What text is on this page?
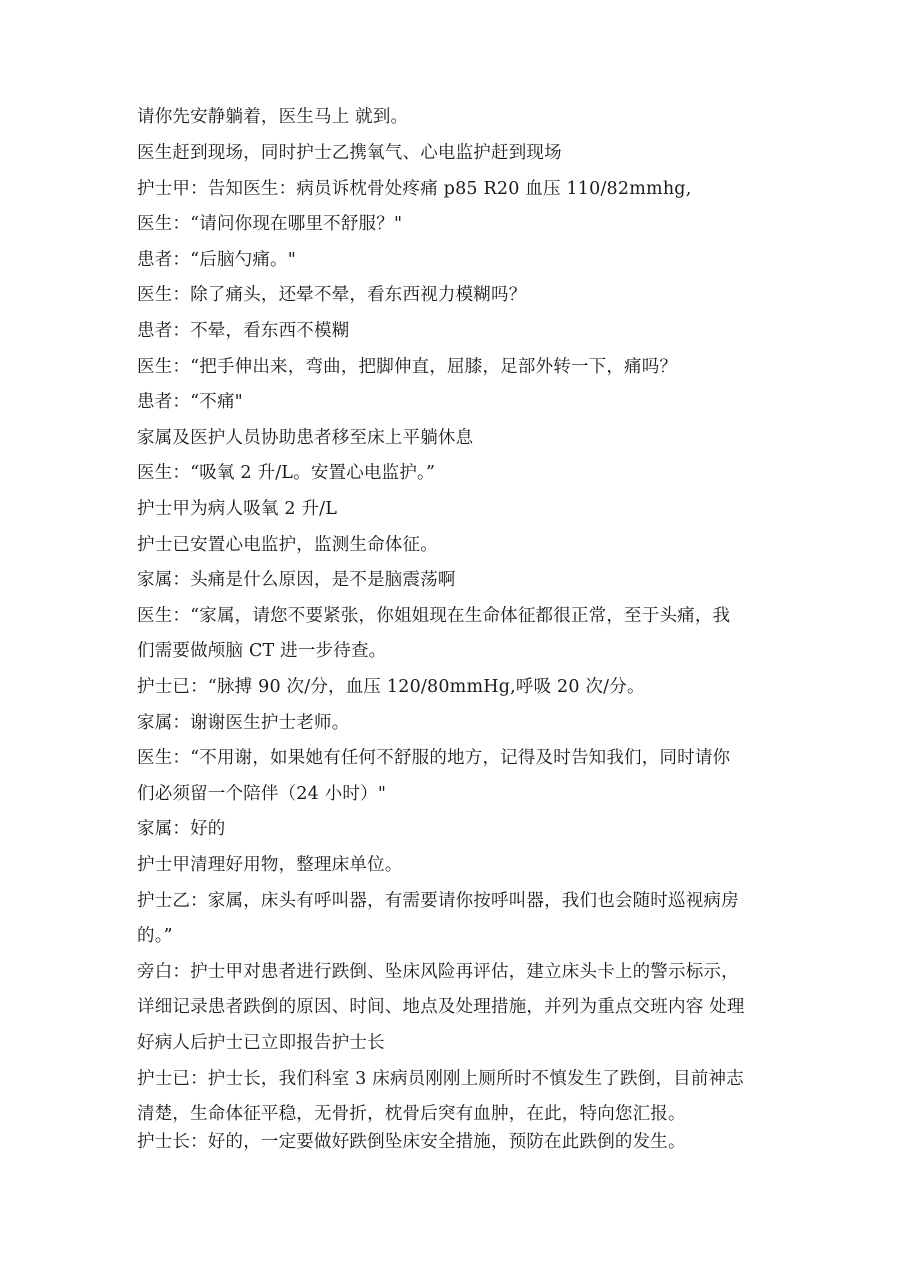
请你先安静躺着，医生马上 就到。
医生赶到现场，同时护士乙携氧气、心电监护赶到现场
护士甲：告知医生：病员诉枕骨处疼痛 p85 R20 血压 110/82mmhg,
医生：“请问你现在哪里不舒服？"
患者：“后脑勺痛。"
医生：除了痛头，还晕不晕，看东西视力模糊吗？
患者：不晕，看东西不模糊
医生：“把手伸出来，弯曲，把脚伸直，屈膝，足部外转一下，痛吗？
患者：“不痛"
家属及医护人员协助患者移至床上平躺休息
医生：“吸氧 2 升/L。安置心电监护。”
护士甲为病人吸氧 2 升/L
护士已安置心电监护，监测生命体征。
家属：头痛是什么原因，是不是脑震荡啊
医生：“家属，请您不要紧张，你姐姐现在生命体征都很正常，至于头痛，我
们需要做颅脑 CT 进一步待查。
护士已：“脉搏 90 次/分，血压 120/80mmHg,呼吸 20 次/分。
家属：谢谢医生护士老师。
医生：“不用谢，如果她有任何不舒服的地方，记得及时告知我们，同时请你
们必须留一个陪伴（24 小时）"
家属：好的
护士甲清理好用物，整理床单位。
护士乙：家属，床头有呼叫器，有需要请你按呼叫器，我们也会随时巡视病房
的。”
旁白：护士甲对患者进行跌倒、坠床风险再评估，建立床头卡上的警示标示，
详细记录患者跌倒的原因、时间、地点及处理措施，并列为重点交班内容 处理
好病人后护士已立即报告护士长
护士已：护士长，我们科室 3 床病员刚刚上厕所时不慎发生了跌倒，目前神志
清楚，生命体征平稳，无骨折，枕骨后突有血肿，在此，特向您汇报。
护士长：好的，一定要做好跌倒坠床安全措施，预防在此跌倒的发生。
